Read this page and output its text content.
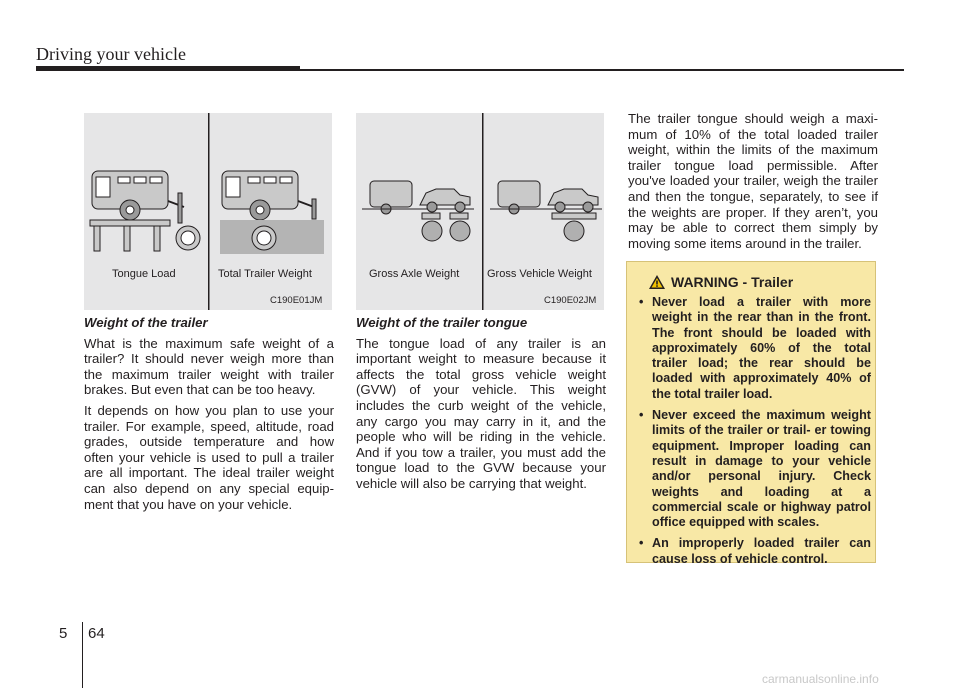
Driving your vehicle
Tongue Load	Total Trailer Weight
C190E01JM
Gross Axle Weight	Gross Vehicle Weight
C190E02JM

Weight of the trailer

What is the maximum safe weight of a trailer? It should never weigh more than the maximum trailer weight with trailer brakes. But even that can be too heavy.

It depends on how you plan to use your trailer. For example, speed, altitude, road grades, outside temperature and how often your vehicle is used to pull a trailer are all important. The ideal trailer weight can also depend on any special equip- ment that you have on your vehicle.

Weight of the trailer tongue

The tongue load of any trailer is an important weight to measure because it affects the total gross vehicle weight (GVW) of your vehicle. This weight includes the curb weight of the vehicle, any cargo you may carry in it, and the people who will be riding in the vehicle. And if you tow a trailer, you must add the tongue load to the GVW because your vehicle will also be carrying that weight.

The trailer tongue should weigh a maxi- mum of 10% of the total loaded trailer weight, within the limits of the maximum trailer tongue load permissible. After you've loaded your trailer, weigh the trailer and then the tongue, separately, to see if the weights are proper. If they aren’t, you may be able to correct them simply by moving some items around in the trailer.

WARNING - Trailer
• Never load a trailer with more weight in the rear than in the front. The front should be loaded with approximately 60% of the total trailer load; the rear should be loaded with approximately 40% of the total trailer load.
• Never exceed the maximum weight limits of the trailer or trail- er towing equipment. Improper loading can result in damage to your vehicle and/or personal injury. Check weights and loading at a commercial scale or highway patrol office equipped with scales.
• An improperly loaded trailer can cause loss of vehicle control.
5 64
carmanualsonline.info
